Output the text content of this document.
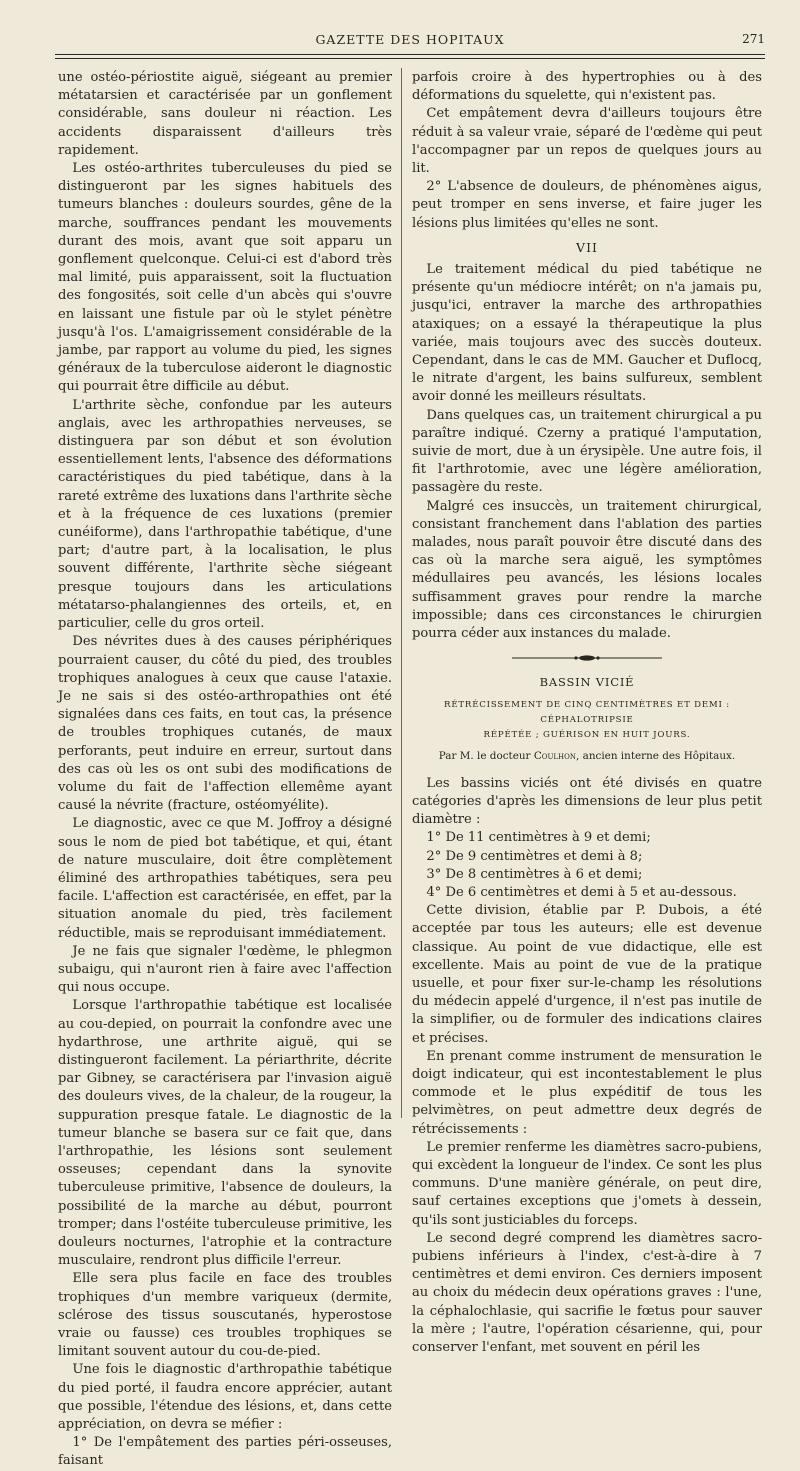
GAZETTE DES HOPITAUX	271

une ostéo-périostite aiguë, siégeant au premier métatarsien et caractérisée par un gonflement considérable, sans douleur ni réaction. Les accidents disparaissent d'ailleurs très rapidement.

Les ostéo-arthrites tuberculeuses du pied se distingueront par les signes habituels des tumeurs blanches : douleurs sourdes, gêne de la marche, souffrances pendant les mouvements durant des mois, avant que soit apparu un gonflement quelconque. Celui-ci est d'abord très mal limité, puis apparaissent, soit la fluctuation des fongosités, soit celle d'un abcès qui s'ouvre en laissant une fistule par où le stylet pénètre jusqu'à l'os. L'amaigrissement considérable de la jambe, par rapport au volume du pied, les signes généraux de la tuberculose aideront le diagnostic qui pourrait être difficile au début.

L'arthrite sèche, confondue par les auteurs anglais, avec les arthropathies nerveuses, se distinguera par son début et son évolution essentiellement lents, l'absence des déformations caractéristiques du pied tabétique, dans à la rareté extrême des luxations dans l'arthrite sèche et à la fréquence de ces luxations (premier cunéiforme), dans l'arthropathie tabétique, d'une part; d'autre part, à la localisation, le plus souvent différente, l'arthrite sèche siégeant presque toujours dans les articulations métatarso-phalangiennes des orteils, et, en particulier, celle du gros orteil.

Des névrites dues à des causes périphériques pourraient causer, du côté du pied, des troubles trophiques analogues à ceux que cause l'ataxie. Je ne sais si des ostéo-arthropathies ont été signalées dans ces faits, en tout cas, la présence de troubles trophiques cutanés, de maux perforants, peut induire en erreur, surtout dans des cas où les os ont subi des modifications de volume du fait de l'affection ellemême ayant causé la névrite (fracture, ostéomyélite).

Le diagnostic, avec ce que M. Joffroy a désigné sous le nom de pied bot tabétique, et qui, étant de nature musculaire, doit être complètement éliminé des arthropathies tabétiques, sera peu facile. L'affection est caractérisée, en effet, par la situation anomale du pied, très facilement réductible, mais se reproduisant immédiatement.

Je ne fais que signaler l'œdème, le phlegmon subaigu, qui n'auront rien à faire avec l'affection qui nous occupe.

Lorsque l'arthropathie tabétique est localisée au cou-depied, on pourrait la confondre avec une hydarthrose, une arthrite aiguë, qui se distingueront facilement. La périarthrite, décrite par Gibney, se caractérisera par l'invasion aiguë des douleurs vives, de la chaleur, de la rougeur, la suppuration presque fatale. Le diagnostic de la tumeur blanche se basera sur ce fait que, dans l'arthropathie, les lésions sont seulement osseuses; cependant dans la synovite tuberculeuse primitive, l'absence de douleurs, la possibilité de la marche au début, pourront tromper; dans l'ostéite tuberculeuse primitive, les douleurs nocturnes, l'atrophie et la contracture musculaire, rendront plus difficile l'erreur.

Elle sera plus facile en face des troubles trophiques d'un membre variqueux (dermite, sclérose des tissus souscutanés, hyperostose vraie ou fausse) ces troubles trophiques se limitant souvent autour du cou-de-pied.

Une fois le diagnostic d'arthropathie tabétique du pied porté, il faudra encore apprécier, autant que possible, l'étendue des lésions, et, dans cette appréciation, on devra se méfier :

1° De l'empâtement des parties péri-osseuses, faisant

parfois croire à des hypertrophies ou à des déformations du squelette, qui n'existent pas.

Cet empâtement devra d'ailleurs toujours être réduit à sa valeur vraie, séparé de l'œdème qui peut l'accompagner par un repos de quelques jours au lit.

2° L'absence de douleurs, de phénomènes aigus, peut tromper en sens inverse, et faire juger les lésions plus limitées qu'elles ne sont.

VII

Le traitement médical du pied tabétique ne présente qu'un médiocre intérêt; on n'a jamais pu, jusqu'ici, entraver la marche des arthropathies ataxiques; on a essayé la thérapeutique la plus variée, mais toujours avec des succès douteux. Cependant, dans le cas de MM. Gaucher et Duflocq, le nitrate d'argent, les bains sulfureux, semblent avoir donné les meilleurs résultats.

Dans quelques cas, un traitement chirurgical a pu paraître indiqué. Czerny a pratiqué l'amputation, suivie de mort, due à un érysipèle. Une autre fois, il fit l'arthrotomie, avec une légère amélioration, passagère du reste.

Malgré ces insuccès, un traitement chirurgical, consistant franchement dans l'ablation des parties malades, nous paraît pouvoir être discuté dans des cas où la marche sera aiguë, les symptômes médullaires peu avancés, les lésions locales suffisamment graves pour rendre la marche impossible; dans ces circonstances le chirurgien pourra céder aux instances du malade.

BASSIN VICIÉ
RÉTRÉCISSEMENT DE CINQ CENTIMÈTRES ET DEMI : CÉPHALOTRIPSIE
RÉPÉTÉE ; GUÉRISON EN HUIT JOURS.
Par M. le docteur Coulhon, ancien interne des Hôpitaux.

Les bassins viciés ont été divisés en quatre catégories d'après les dimensions de leur plus petit diamètre :

1° De 11 centimètres à 9 et demi;

2° De 9 centimètres et demi à 8;

3° De 8 centimètres à 6 et demi;

4° De 6 centimètres et demi à 5 et au-dessous.

Cette division, établie par P. Dubois, a été acceptée par tous les auteurs; elle est devenue classique. Au point de vue didactique, elle est excellente. Mais au point de vue de la pratique usuelle, et pour fixer sur-le-champ les résolutions du médecin appelé d'urgence, il n'est pas inutile de la simplifier, ou de formuler des indications claires et précises.

En prenant comme instrument de mensuration le doigt indicateur, qui est incontestablement le plus commode et le plus expéditif de tous les pelvimètres, on peut admettre deux degrés de rétrécissements :

Le premier renferme les diamètres sacro-pubiens, qui excèdent la longueur de l'index. Ce sont les plus communs. D'une manière générale, on peut dire, sauf certaines exceptions que j'omets à dessein, qu'ils sont justiciables du forceps.

Le second degré comprend les diamètres sacro-pubiens inférieurs à l'index, c'est-à-dire à 7 centimètres et demi environ. Ces derniers imposent au choix du médecin deux opérations graves : l'une, la céphalochlasie, qui sacrifie le fœtus pour sauver la mère ; l'autre, l'opération césarienne, qui, pour conserver l'enfant, met souvent en péril les
